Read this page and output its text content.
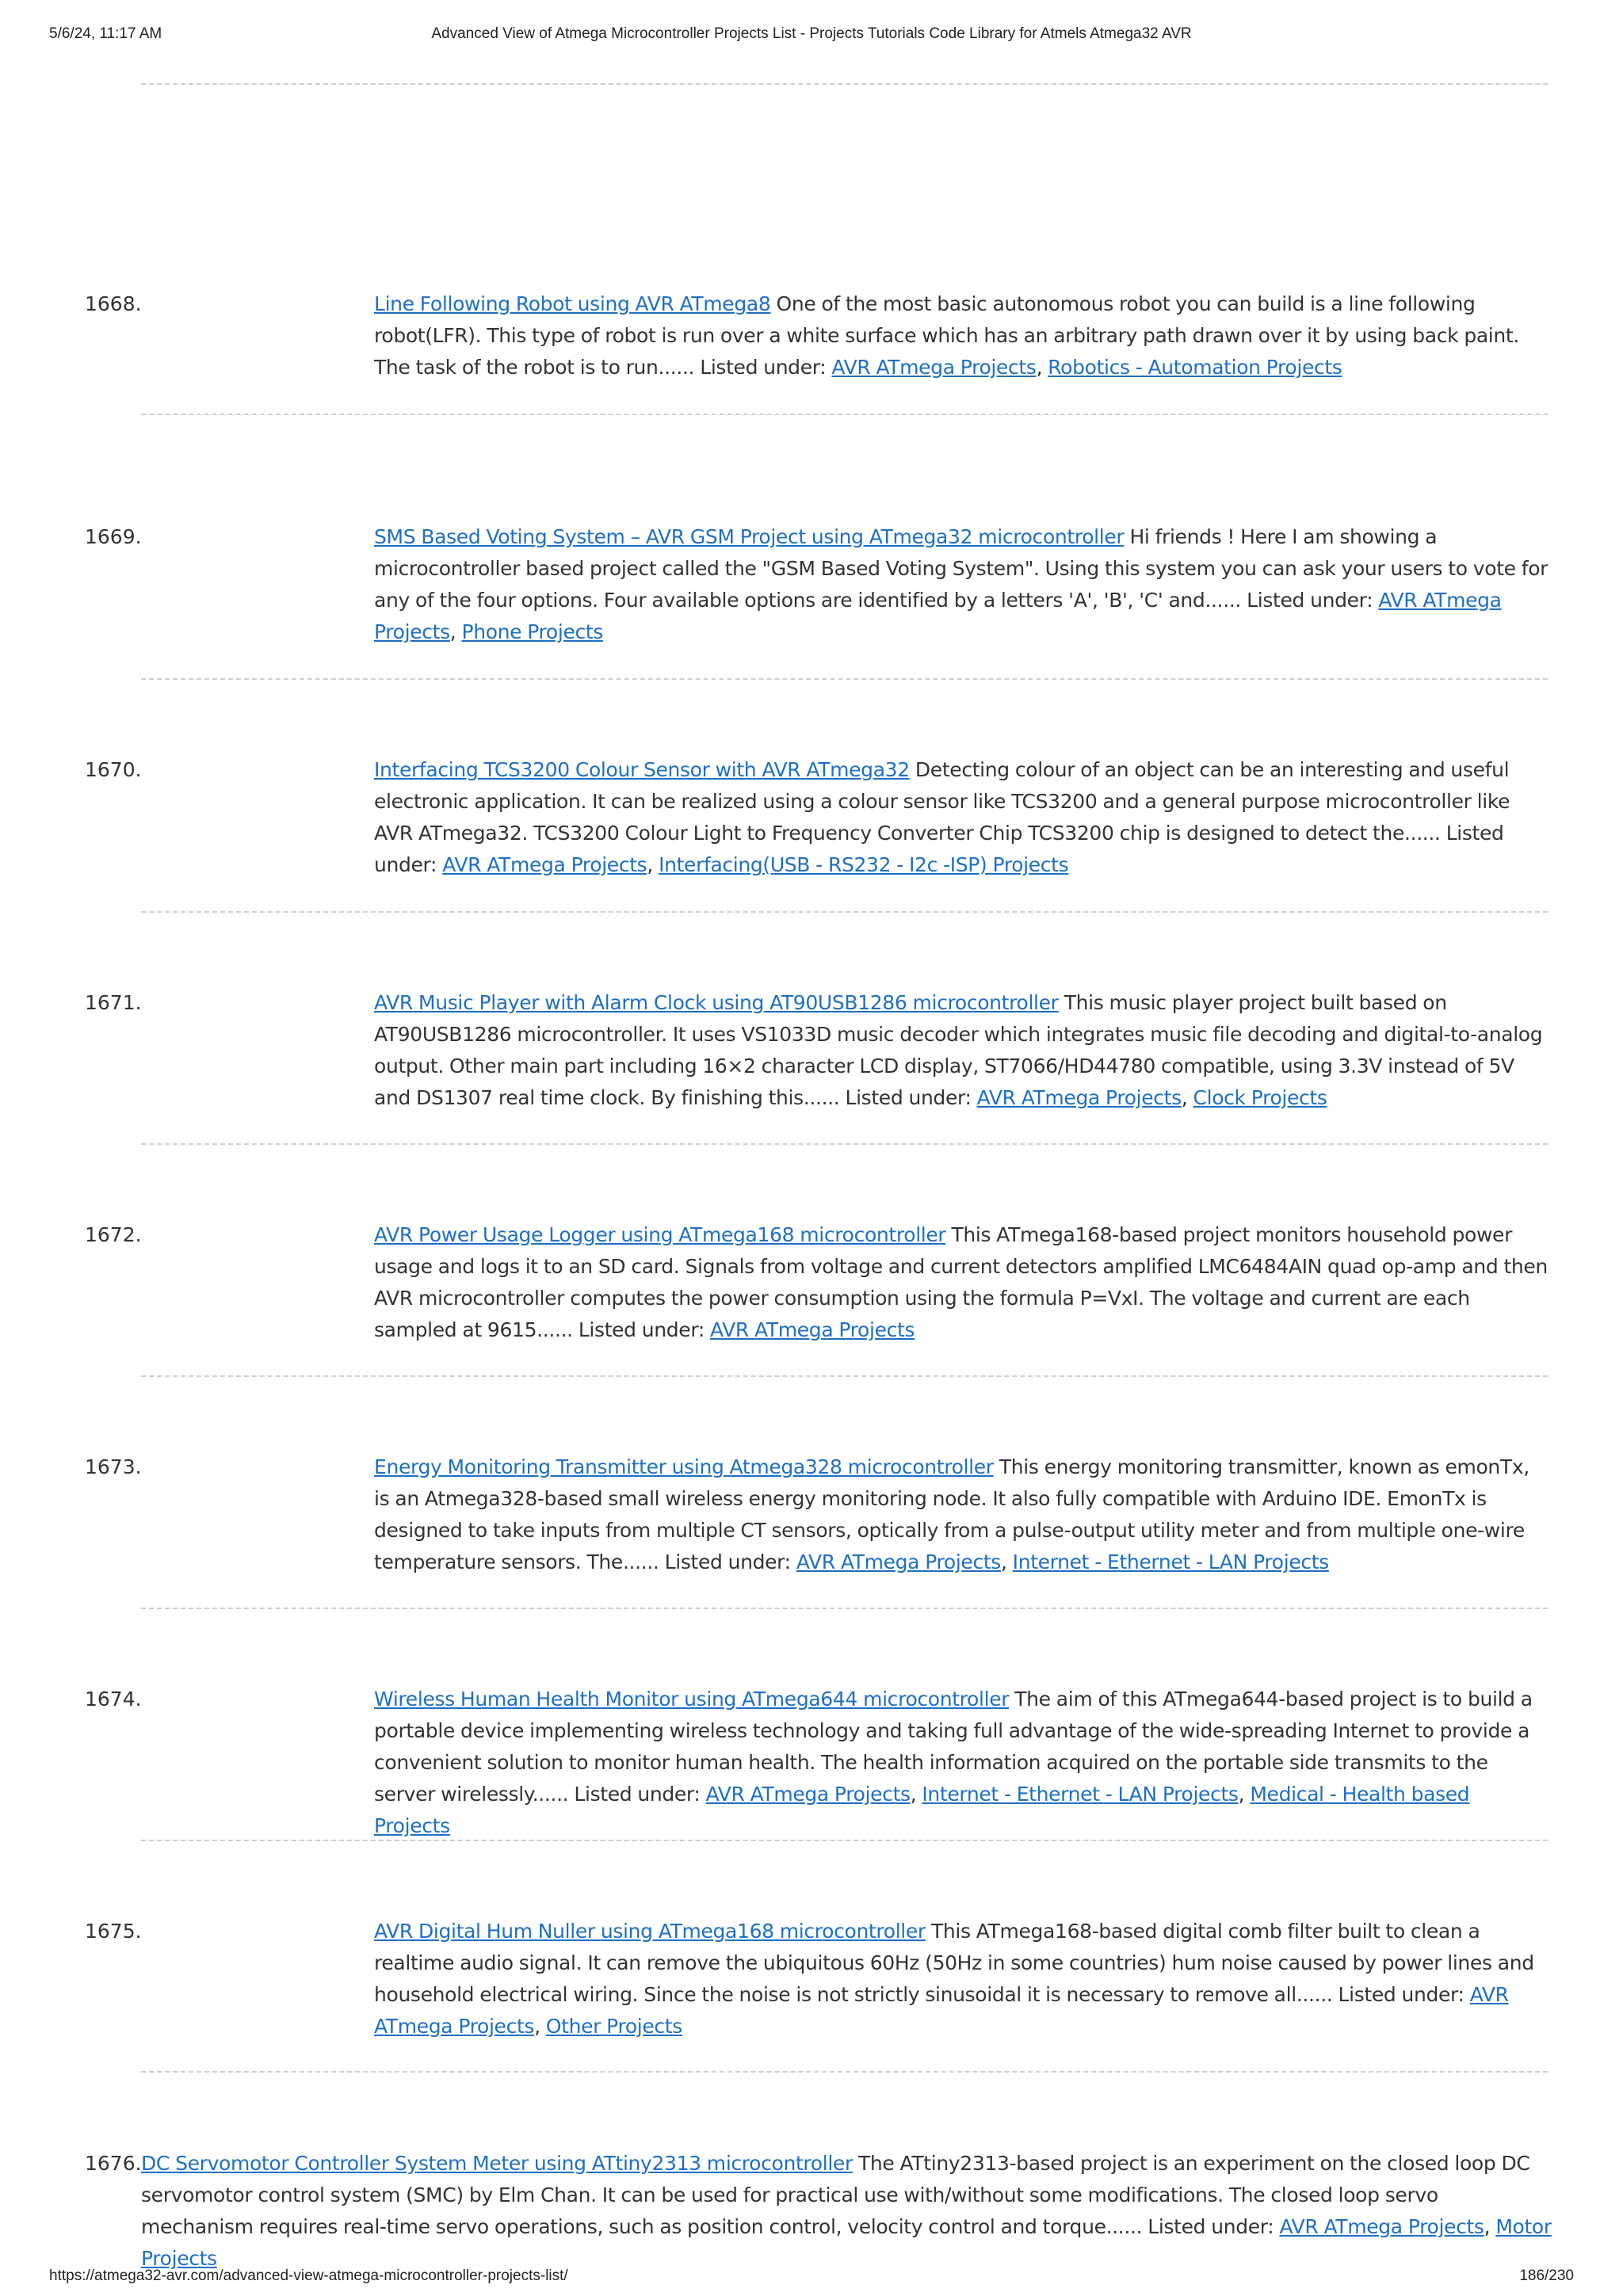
5/6/24, 11:17 AM	Advanced View of Atmega Microcontroller Projects List - Projects Tutorials Code Library for Atmels Atmega32 AVR
1668.	Line Following Robot using AVR ATmega8 One of the most basic autonomous robot you can build is a line following robot(LFR). This type of robot is run over a white surface which has an arbitrary path drawn over it by using back paint. The task of the robot is to run...... Listed under: AVR ATmega Projects, Robotics - Automation Projects
1669.	SMS Based Voting System – AVR GSM Project using ATmega32 microcontroller Hi friends ! Here I am showing a microcontroller based project called the "GSM Based Voting System". Using this system you can ask your users to vote for any of the four options. Four available options are identified by a letters 'A', 'B', 'C' and...... Listed under: AVR ATmega Projects, Phone Projects
1670.	Interfacing TCS3200 Colour Sensor with AVR ATmega32 Detecting colour of an object can be an interesting and useful electronic application. It can be realized using a colour sensor like TCS3200 and a general purpose microcontroller like AVR ATmega32. TCS3200 Colour Light to Frequency Converter Chip TCS3200 chip is designed to detect the...... Listed under: AVR ATmega Projects, Interfacing(USB - RS232 - I2c -ISP) Projects
1671.	AVR Music Player with Alarm Clock using AT90USB1286 microcontroller This music player project built based on AT90USB1286 microcontroller. It uses VS1033D music decoder which integrates music file decoding and digital-to-analog output. Other main part including 16×2 character LCD display, ST7066/HD44780 compatible, using 3.3V instead of 5V and DS1307 real time clock. By finishing this...... Listed under: AVR ATmega Projects, Clock Projects
1672.	AVR Power Usage Logger using ATmega168 microcontroller This ATmega168-based project monitors household power usage and logs it to an SD card. Signals from voltage and current detectors amplified LMC6484AIN quad op-amp and then AVR microcontroller computes the power consumption using the formula P=VxI. The voltage and current are each sampled at 9615...... Listed under: AVR ATmega Projects
1673.	Energy Monitoring Transmitter using Atmega328 microcontroller This energy monitoring transmitter, known as emonTx, is an Atmega328-based small wireless energy monitoring node. It also fully compatible with Arduino IDE. EmonTx is designed to take inputs from multiple CT sensors, optically from a pulse-output utility meter and from multiple one-wire temperature sensors. The...... Listed under: AVR ATmega Projects, Internet - Ethernet - LAN Projects
1674.	Wireless Human Health Monitor using ATmega644 microcontroller The aim of this ATmega644-based project is to build a portable device implementing wireless technology and taking full advantage of the wide-spreading Internet to provide a convenient solution to monitor human health. The health information acquired on the portable side transmits to the server wirelessly...... Listed under: AVR ATmega Projects, Internet - Ethernet - LAN Projects, Medical - Health based Projects
1675.	AVR Digital Hum Nuller using ATmega168 microcontroller This ATmega168-based digital comb filter built to clean a realtime audio signal. It can remove the ubiquitous 60Hz (50Hz in some countries) hum noise caused by power lines and household electrical wiring. Since the noise is not strictly sinusoidal it is necessary to remove all...... Listed under: AVR ATmega Projects, Other Projects
1676. DC Servomotor Controller System Meter using ATtiny2313 microcontroller The ATtiny2313-based project is an experiment on the closed loop DC servomotor control system (SMC) by Elm Chan. It can be used for practical use with/without some modifications. The closed loop servo mechanism requires real-time servo operations, such as position control, velocity control and torque...... Listed under: AVR ATmega Projects, Motor Projects
https://atmega32-avr.com/advanced-view-atmega-microcontroller-projects-list/	186/230
